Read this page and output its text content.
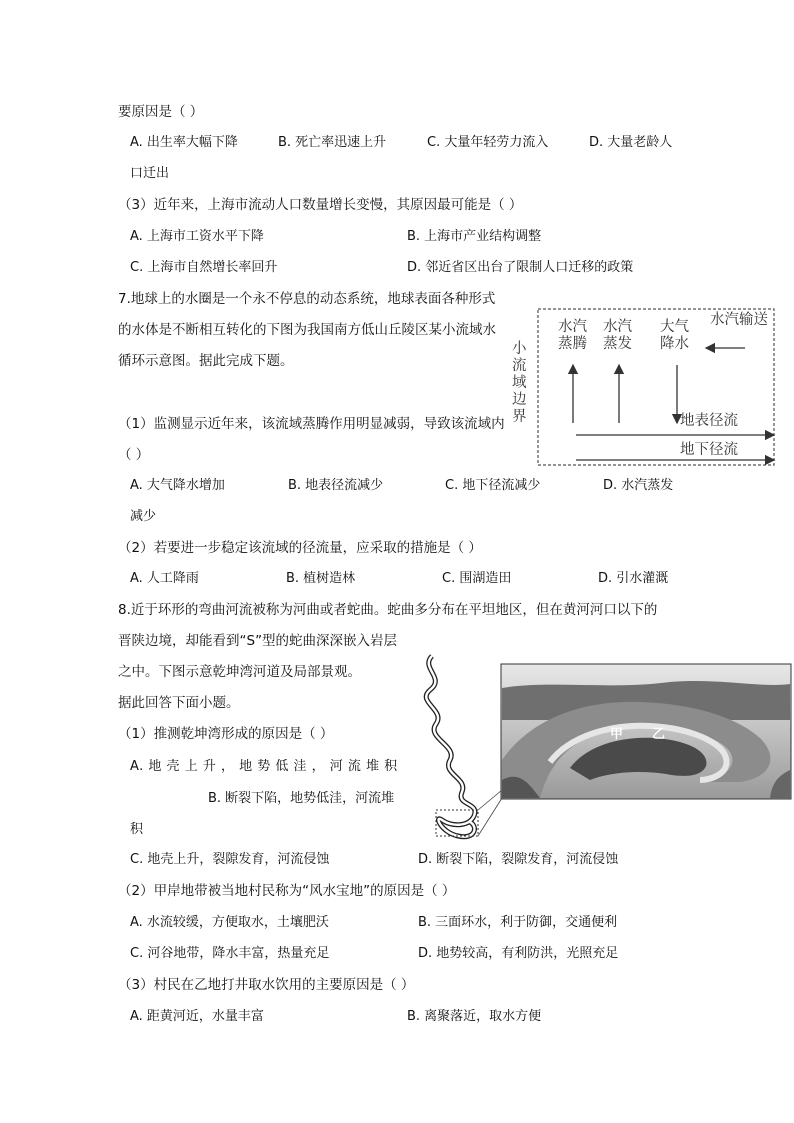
要原因是（ ）
A. 出生率大幅下降	B. 死亡率迅速上升	C. 大量年轻劳力流入	D. 大量老龄人
口迁出
（3）近年来，上海市流动人口数量增长变慢，其原因最可能是（ ）
A. 上海市工资水平下降	B. 上海市产业结构调整
C. 上海市自然增长率回升	D. 邻近省区出台了限制人口迁移的政策
7.地球上的水圈是一个永不停息的动态系统，地球表面各种形式
的水体是不断相互转化的下图为我国南方低山丘陵区某小流域水
循环示意图。据此完成下题。
（1）监测显示近年来，该流域蒸腾作用明显减弱，导致该流域内
（ ）
A. 大气降水增加	B. 地表径流减少	C. 地下径流减少	D. 水汽蒸发
减少
（2）若要进一步稳定该流域的径流量，应采取的措施是（ ）
A. 人工降雨	B. 植树造林	C. 围湖造田	D. 引水灌溉
8.近于环形的弯曲河流被称为河曲或者蛇曲。蛇曲多分布在平坦地区，但在黄河河口以下的
晋陕边境，却能看到“S”型的蛇曲深深嵌入岩层
之中。下图示意乾坤湾河道及局部景观。
据此回答下面小题。
（1）推测乾坤湾形成的原因是（ ）
A. 地 壳 上 升 ， 地 势 低 洼 ， 河 流 堆 积
B. 断裂下陷，地势低洼，河流堆
积
C. 地壳上升，裂隙发育，河流侵蚀	D. 断裂下陷，裂隙发育，河流侵蚀
（2）甲岸地带被当地村民称为“风水宝地”的原因是（ ）
A. 水流较缓，方便取水，土壤肥沃	B. 三面环水，利于防御，交通便利
C. 河谷地带，降水丰富，热量充足	D. 地势较高，有利防洪，光照充足
（3）村民在乙地打井取水饮用的主要原因是（ ）
A. 距黄河近，水量丰富	B. 离聚落近，取水方便
小流域边界
水汽蒸腾
水汽蒸发
大气降水
水汽输送
地表径流
地下径流
甲 乙
